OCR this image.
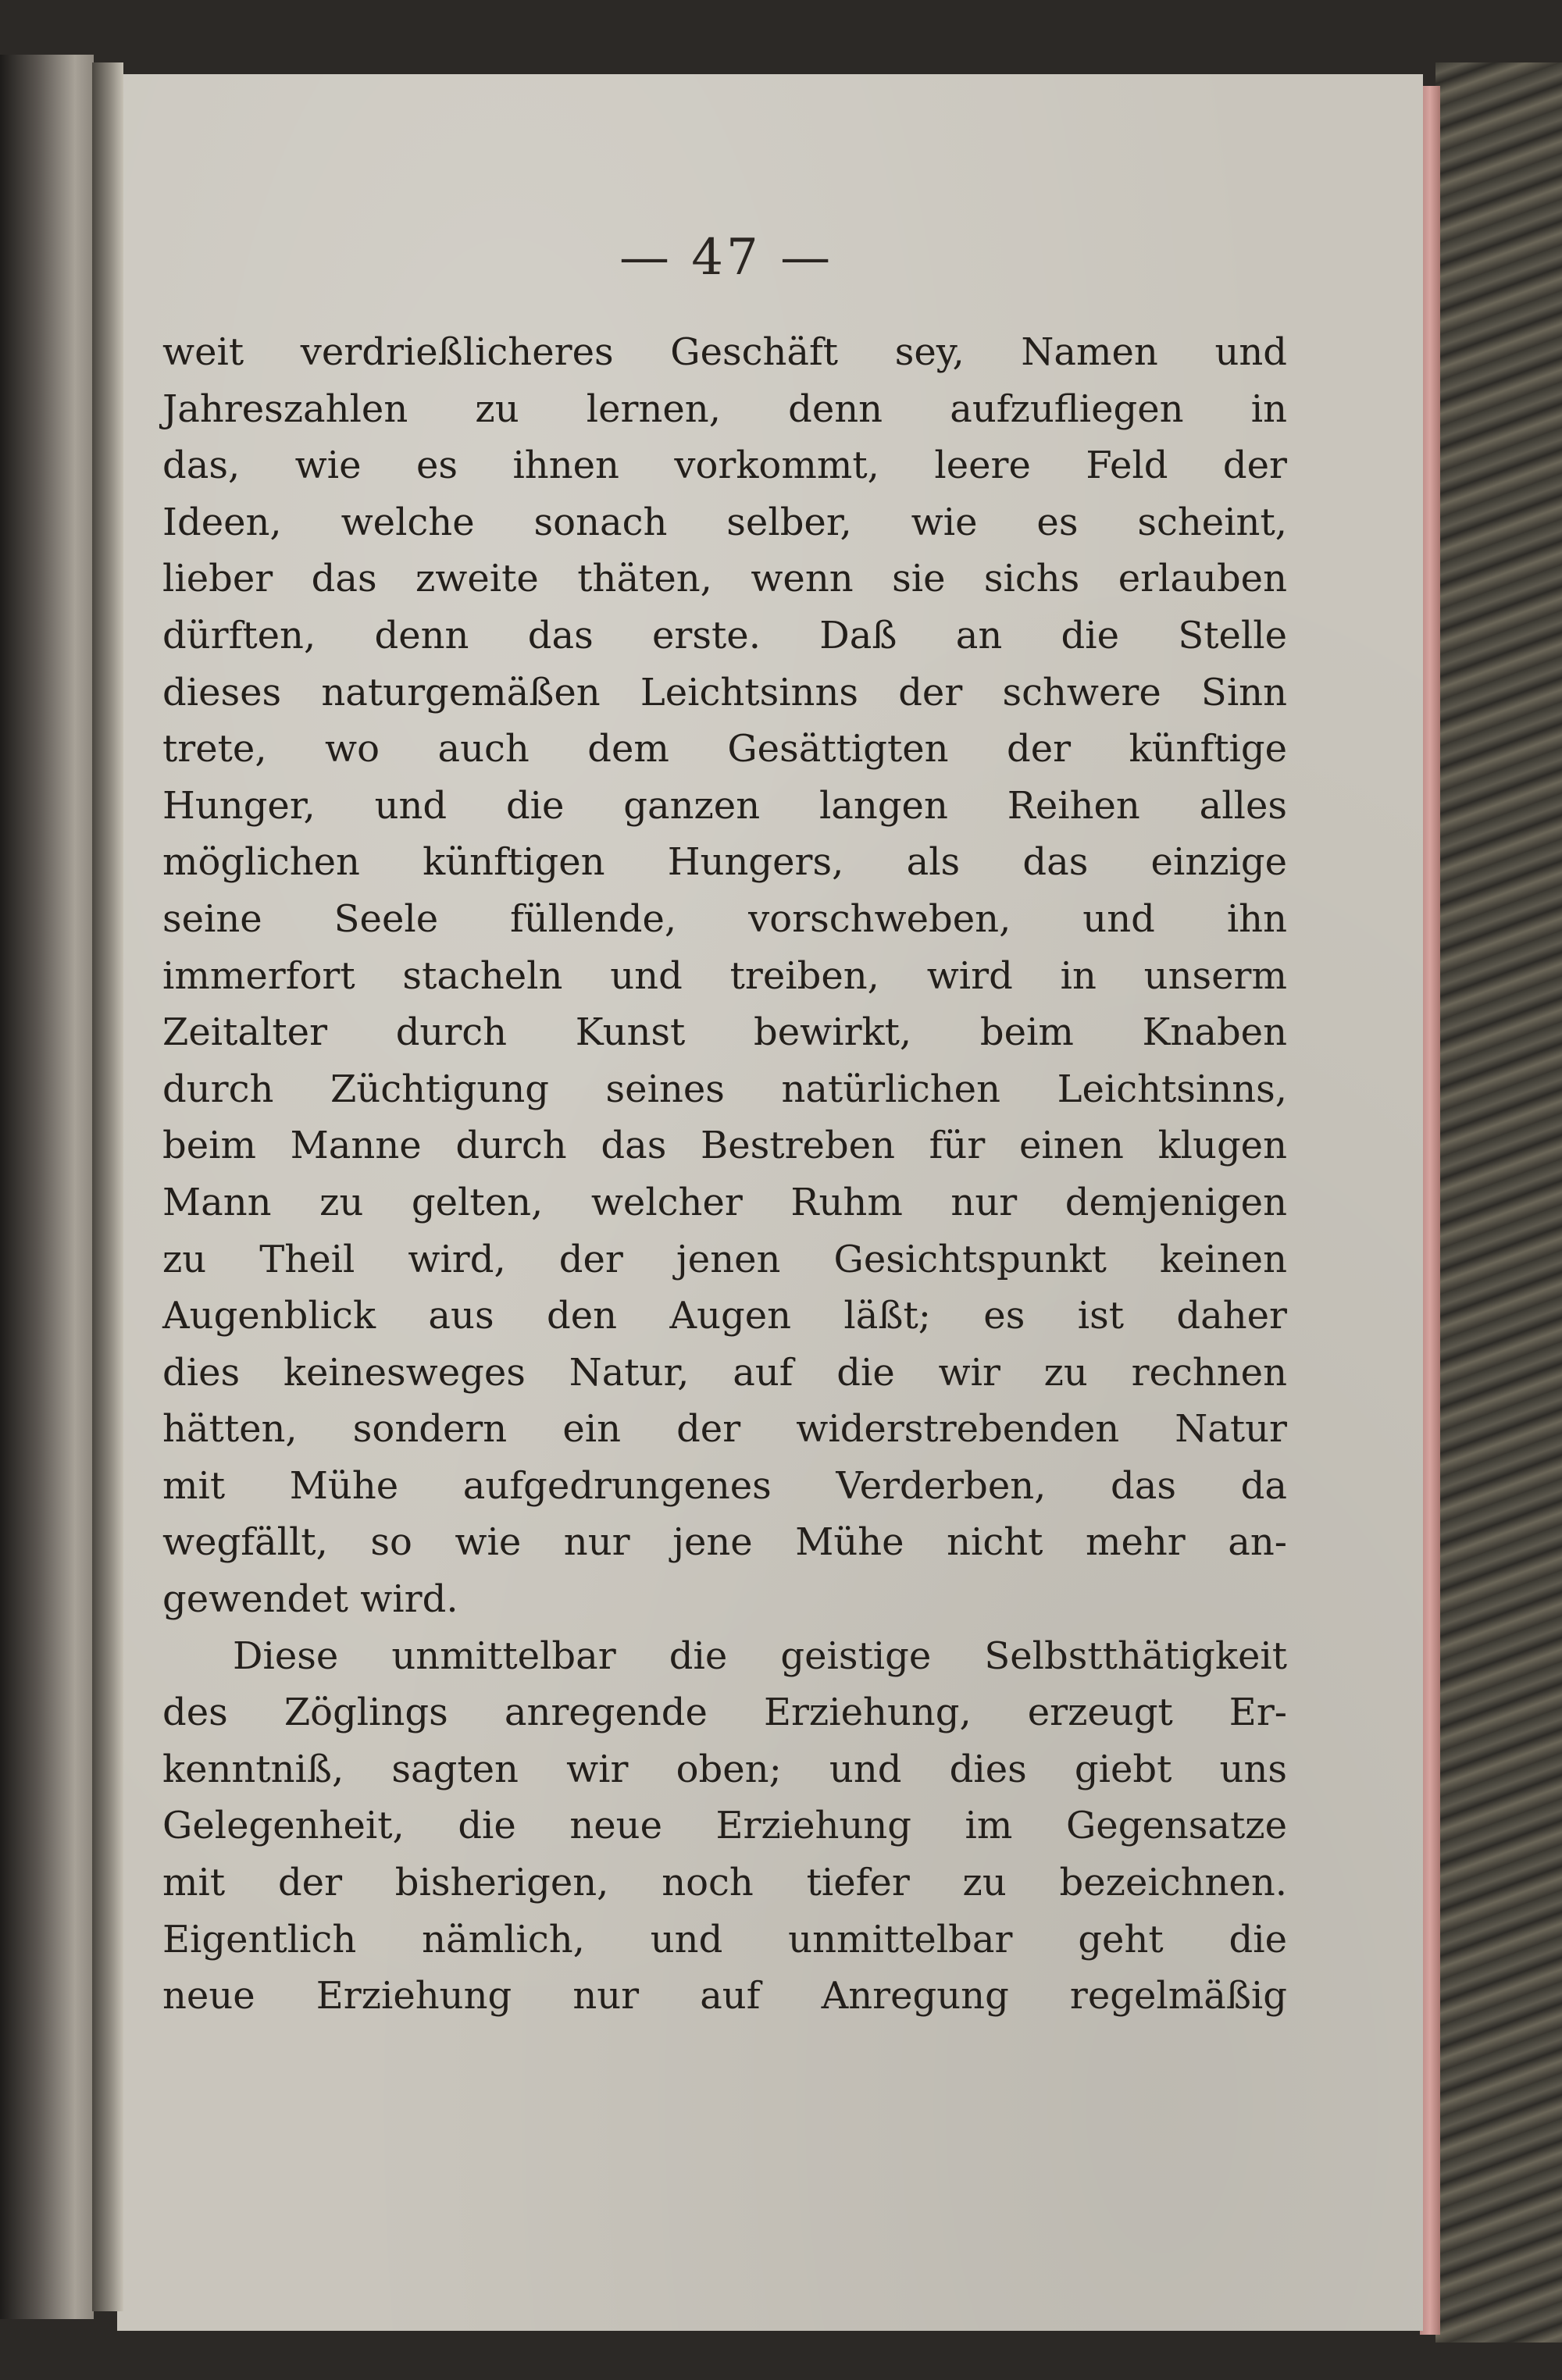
— 47 —
weit verdrießlicheres Geschäft sey, Namen und
Jahreszahlen zu lernen, denn aufzufliegen in
das, wie es ihnen vorkommt, leere Feld der
Ideen, welche sonach selber, wie es scheint,
lieber das zweite thäten, wenn sie sichs erlauben
dürften, denn das erste. Daß an die Stelle
dieses naturgemäßen Leichtsinns der schwere Sinn
trete, wo auch dem Gesättigten der künftige
Hunger, und die ganzen langen Reihen alles
möglichen künftigen Hungers, als das einzige
seine Seele füllende, vorschweben, und ihn
immerfort stacheln und treiben, wird in unserm
Zeitalter durch Kunst bewirkt, beim Knaben
durch Züchtigung seines natürlichen Leichtsinns,
beim Manne durch das Bestreben für einen klugen
Mann zu gelten, welcher Ruhm nur demjenigen
zu Theil wird, der jenen Gesichtspunkt keinen
Augenblick aus den Augen läßt; es ist daher
dies keinesweges Natur, auf die wir zu rechnen
hätten, sondern ein der widerstrebenden Natur
mit Mühe aufgedrungenes Verderben, das da
wegfällt, so wie nur jene Mühe nicht mehr an-
gewendet wird.
Diese unmittelbar die geistige Selbstthätigkeit
des Zöglings anregende Erziehung, erzeugt Er-
kenntniß, sagten wir oben; und dies giebt uns
Gelegenheit, die neue Erziehung im Gegensatze
mit der bisherigen, noch tiefer zu bezeichnen.
Eigentlich nämlich, und unmittelbar geht die
neue Erziehung nur auf Anregung regelmäßig
